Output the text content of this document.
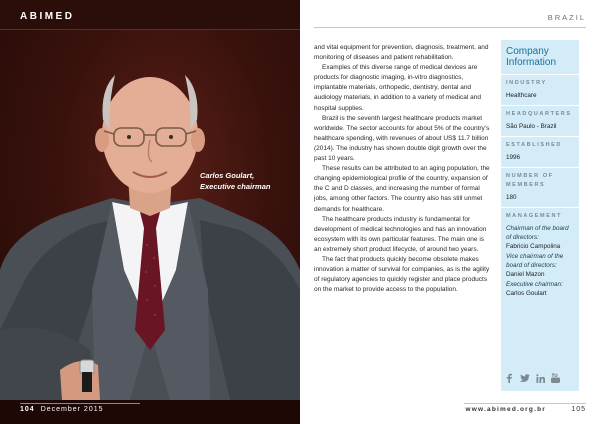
ABIMED
Carlos Goulart,
Executive chairman
104 December 2015
BRAZIL

and vital equipment for prevention, diagnosis, treatment, and monitoring of diseases and patient rehabilitation.

Examples of this diverse range of medical devices are products for diagnostic imaging, in-vitro diagnostics, implantable materials, orthopedic, dentistry, dental and audiology materials, in addition to a variety of medical and hospital supplies.

Brazil is the seventh largest healthcare products market worldwide. The sector accounts for about 5% of the country’s healthcare spending, with revenues of about US$ 11.7 billion (2014). The industry has shown double digit growth over the past 10 years.

These results can be attributed to an aging population, the changing epidemiological profile of the country, expansion of the C and D classes, and increasing the number of formal jobs, among other factors. The country also has still unmet demands for healthcare.

The healthcare products industry is fundamental for development of medical technologies and has an innovation ecosystem with its own particular features. The main one is an extremely short product lifecycle, of around two years.

The fact that products quickly become obsolete makes innovation a matter of survival for companies, as is the agility of regulatory agencies to quickly register and place products on the market to provide access to the population.

Company Information
INDUSTRY
Healthcare
HEADQUARTERS
São Paulo - Brazil
ESTABLISHED
1996
NUMBER OF MEMBERS
180
MANAGEMENT
Chairman of the board of directors:
Fabricio Campolina
Vice chairman of the board of directors:
Daniel Mazon
Executive chairman:
Carlos Goulart
www.abimed.org.br	105
